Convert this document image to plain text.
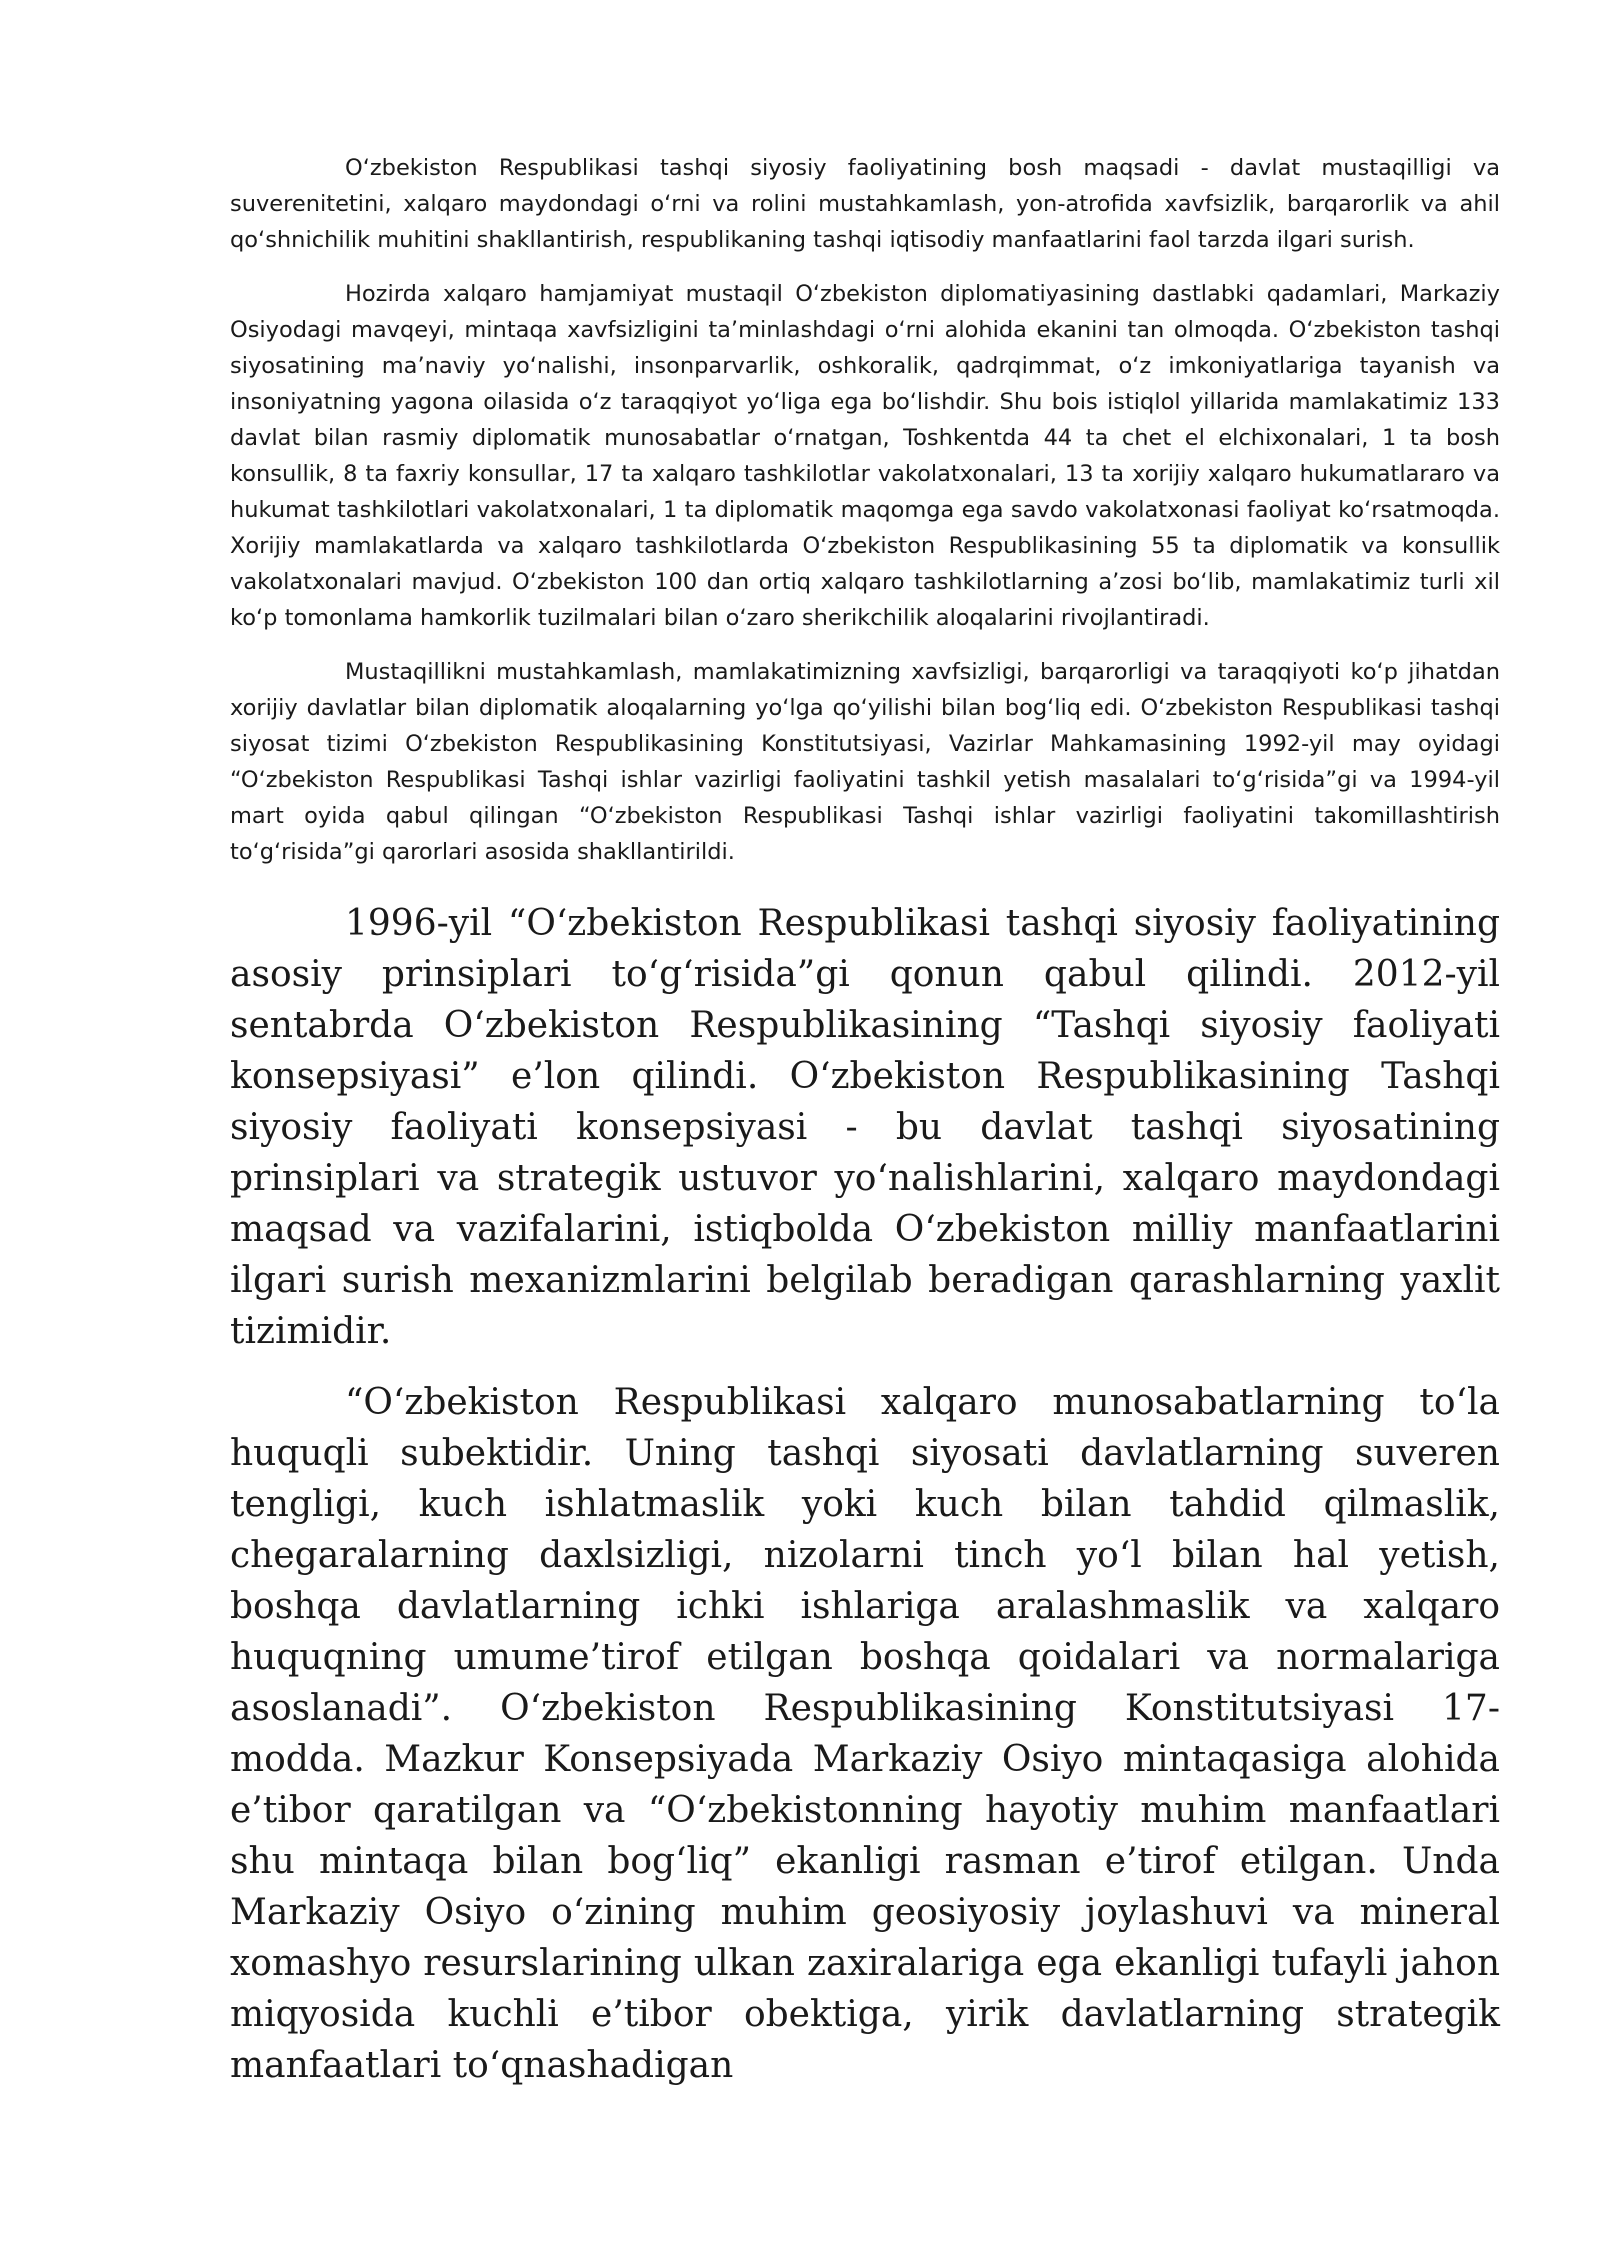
O‘zbekiston Respublikasi tashqi siyosiy faoliyatining bosh maqsadi - davlat mustaqilligi va suverenitetini, xalqaro maydondagi o‘rni va rolini mustahkamlash, yon-atrofida xavfsizlik, barqarorlik va ahil qo‘shnichilik muhitini shakllantirish, respublikaning tashqi iqtisodiy manfaatlarini faol tarzda ilgari surish.

Hozirda xalqaro hamjamiyat mustaqil O‘zbekiston diplomatiyasining dastlabki qadamlari, Markaziy Osiyodagi mavqeyi, mintaqa xavfsizligini ta’minlashdagi o‘rni alohida ekanini tan olmoqda. O‘zbekiston tashqi siyosatining ma’naviy yo‘nalishi, insonparvarlik, oshkoralik, qadrqimmat, o‘z imkoniyatlariga tayanish va insoniyatning yagona oilasida o‘z taraqqiyot yo‘liga ega bo‘lishdir. Shu bois istiqlol yillarida mamlakatimiz 133 davlat bilan rasmiy diplomatik munosabatlar o‘rnatgan, Toshkentda 44 ta chet el elchixonalari, 1 ta bosh konsullik, 8 ta faxriy konsullar, 17 ta xalqaro tashkilotlar vakolatxonalari, 13 ta xorijiy xalqaro hukumatlararo va hukumat tashkilotlari vakolatxonalari, 1 ta diplomatik maqomga ega savdo vakolatxonasi faoliyat ko‘rsatmoqda. Xorijiy mamlakatlarda va xalqaro tashkilotlarda O‘zbekiston Respublikasining 55 ta diplomatik va konsullik vakolatxonalari mavjud. O‘zbekiston 100 dan ortiq xalqaro tashkilotlarning a’zosi bo‘lib, mamlakatimiz turli xil ko‘p tomonlama hamkorlik tuzilmalari bilan o‘zaro sherikchilik aloqalarini rivojlantiradi.

Mustaqillikni mustahkamlash, mamlakatimizning xavfsizligi, barqarorligi va taraqqiyoti ko‘p jihatdan xorijiy davlatlar bilan diplomatik aloqalarning yo‘lga qo‘yilishi bilan bog‘liq edi. O‘zbekiston Respublikasi tashqi siyosat tizimi O‘zbekiston Respublikasining Konstitutsiyasi, Vazirlar Mahkamasining 1992-yil may oyidagi “O‘zbekiston Respublikasi Tashqi ishlar vazirligi faoliyatini tashkil yetish masalalari to‘g‘risida”gi va 1994-yil mart oyida qabul qilingan “O‘zbekiston Respublikasi Tashqi ishlar vazirligi faoliyatini takomillashtirish to‘g‘risida”gi qarorlari asosida shakllantirildi.

1996-yil “O‘zbekiston Respublikasi tashqi siyosiy faoliyatining asosiy prinsiplari to‘g‘risida”gi qonun qabul qilindi. 2012-yil sentabrda O‘zbekiston Respublikasining “Tashqi siyosiy faoliyati konsepsiyasi” e’lon qilindi. O‘zbekiston Respublikasining Tashqi siyosiy faoliyati konsepsiyasi - bu davlat tashqi siyosatining prinsiplari va strategik ustuvor yo‘nalishlarini, xalqaro maydondagi maqsad va vazifalarini, istiqbolda O‘zbekiston milliy manfaatlarini ilgari surish mexanizmlarini belgilab beradigan qarashlarning yaxlit tizimidir.

“O‘zbekiston Respublikasi xalqaro munosabatlarning to‘la huquqli subektidir. Uning tashqi siyosati davlatlarning suveren tengligi, kuch ishlatmaslik yoki kuch bilan tahdid qilmaslik, chegaralarning daxlsizligi, nizolarni tinch yo‘l bilan hal yetish, boshqa davlatlarning ichki ishlariga aralashmaslik va xalqaro huquqning umume’tirof etilgan boshqa qoidalari va normalariga asoslanadi”. O‘zbekiston Respublikasining Konstitutsiyasi 17- modda. Mazkur Konsepsiyada Markaziy Osiyo mintaqasiga alohida e’tibor qaratilgan va “O‘zbekistonning hayotiy muhim manfaatlari shu mintaqa bilan bog‘liq” ekanligi rasman e’tirof etilgan. Unda Markaziy Osiyo o‘zining muhim geosiyosiy joylashuvi va mineral xomashyo resurslarining ulkan zaxiralariga ega ekanligi tufayli jahon miqyosida kuchli e’tibor obektiga, yirik davlatlarning strategik manfaatlari to‘qnashadigan
